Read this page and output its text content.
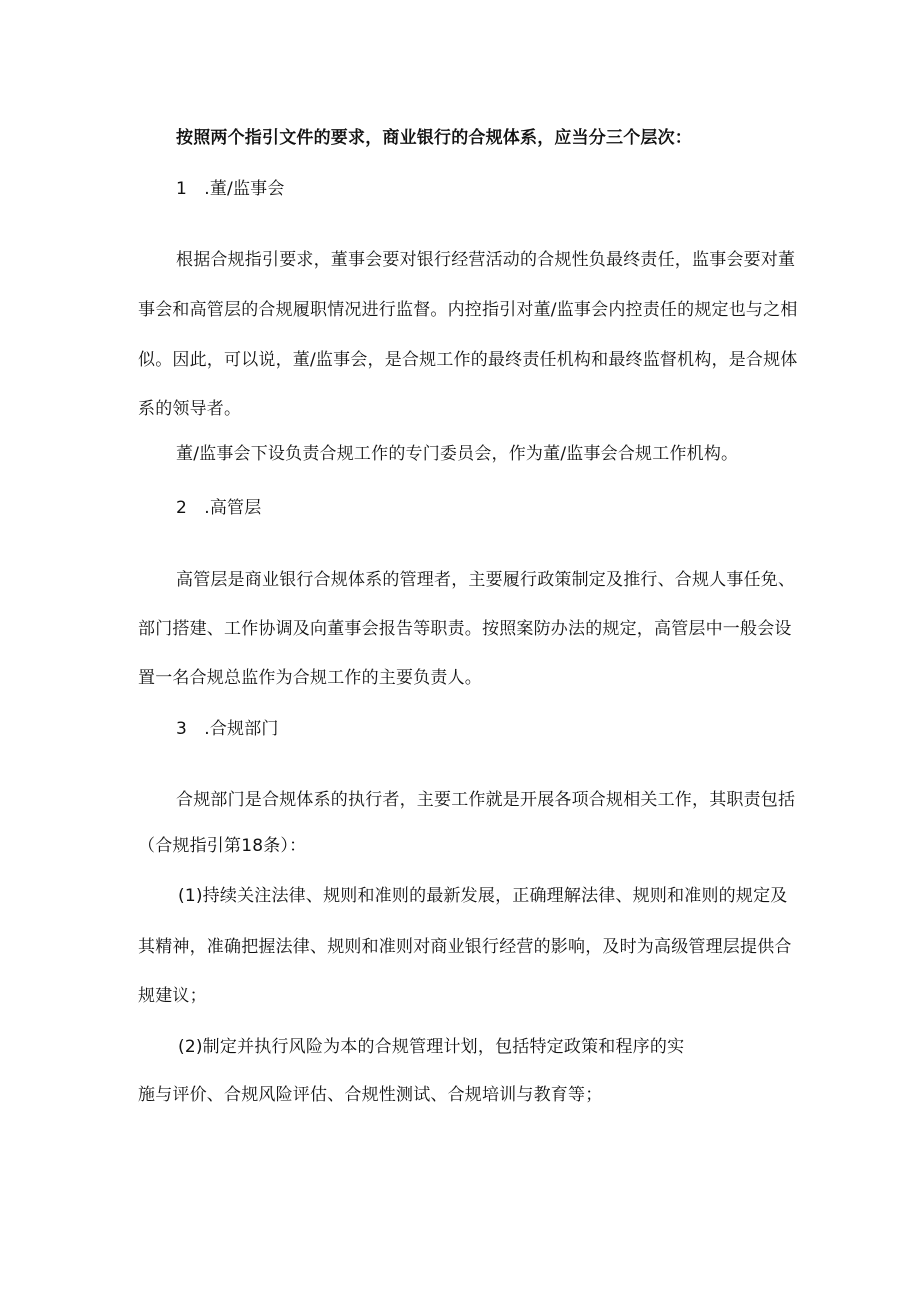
按照两个指引文件的要求，商业银行的合规体系，应当分三个层次：
1　.董/监事会
根据合规指引要求，董事会要对银行经营活动的合规性负最终责任，监事会要对董
事会和高管层的合规履职情况进行监督。内控指引对董/监事会内控责任的规定也与之相
似。因此，可以说，董/监事会，是合规工作的最终责任机构和最终监督机构，是合规体
系的领导者。
董/监事会下设负责合规工作的专门委员会，作为董/监事会合规工作机构。
2　.高管层
高管层是商业银行合规体系的管理者，主要履行政策制定及推行、合规人事任免、
部门搭建、工作协调及向董事会报告等职责。按照案防办法的规定，高管层中一般会设
置一名合规总监作为合规工作的主要负责人。
3　.合规部门
合规部门是合规体系的执行者，主要工作就是开展各项合规相关工作，其职责包括
（合规指引第18条）：
(1)持续关注法律、规则和准则的最新发展，正确理解法律、规则和准则的规定及
其精神，准确把握法律、规则和准则对商业银行经营的影响，及时为高级管理层提供合
规建议；
(2)制定并执行风险为本的合规管理计划，包括特定政策和程序的实
施与评价、合规风险评估、合规性测试、合规培训与教育等；
